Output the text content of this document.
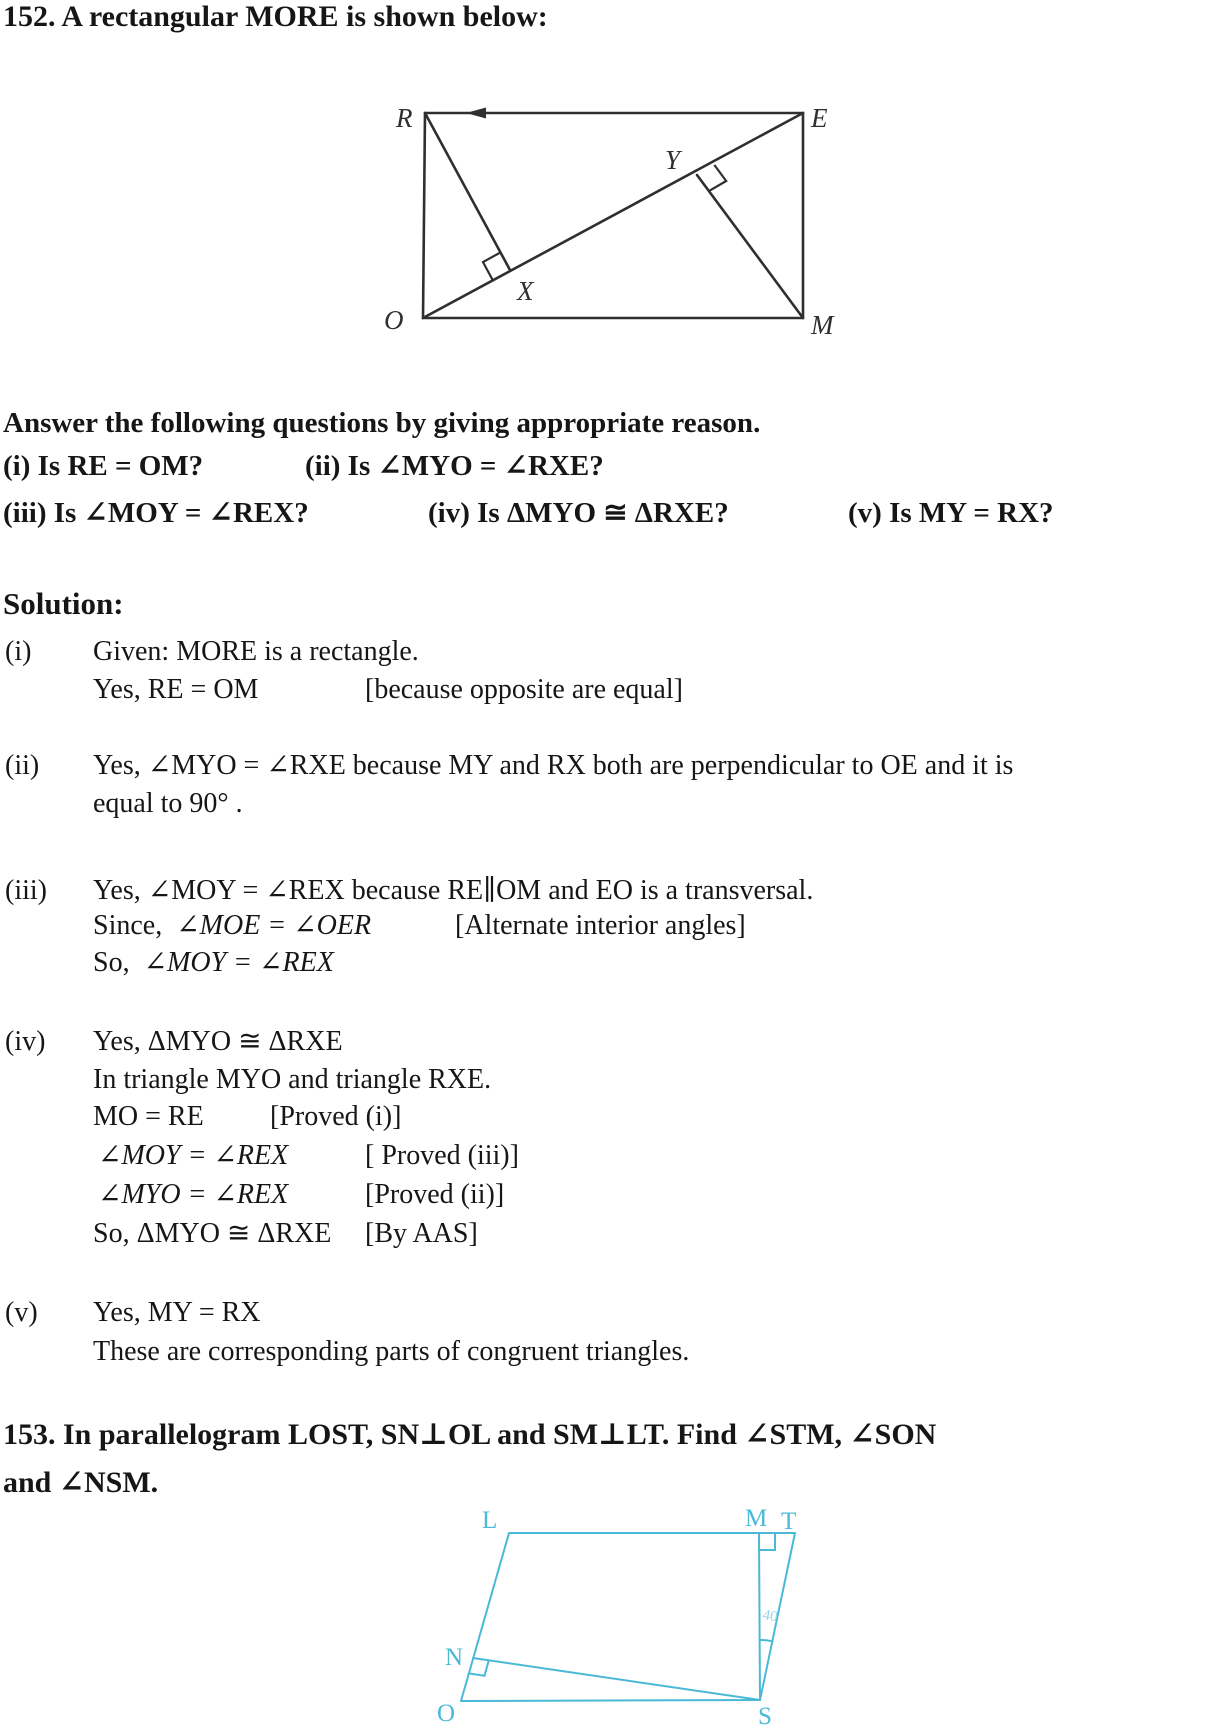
152. A rectangular MORE is shown below:
R	E
O	M
X
Y
Answer the following questions by giving appropriate reason.
(i) Is RE = OM?	(ii) Is ∠MYO = ∠RXE?
(iii) Is ∠MOY = ∠REX?	(iv) Is ΔMYO ≅ ΔRXE?	(v) Is MY = RX?
Solution:
(i) Given: MORE is a rectangle.
Yes, RE = OM	[because opposite are equal]
(ii) Yes, ∠MYO = ∠RXE because MY and RX both are perpendicular to OE and it is
equal to 90° .
(iii) Yes, ∠MOY = ∠REX because RE∥OM and EO is a transversal.
Since, ∠MOE = ∠OER	[Alternate interior angles]
So, ∠MOY = ∠REX
(iv) Yes, ΔMYO ≅ ΔRXE
In triangle MYO and triangle RXE.
MO = RE [Proved (i)]
∠MOY = ∠REX	[ Proved (iii)]
∠MYO = ∠REX	[Proved (ii)]
So, ΔMYO ≅ ΔRXE [By AAS]
(v) Yes, MY = RX
These are corresponding parts of congruent triangles.
153. In parallelogram LOST, SN⊥OL and SM⊥LT. Find ∠STM, ∠SON
and ∠NSM.
40
L	M T
N
O	S
